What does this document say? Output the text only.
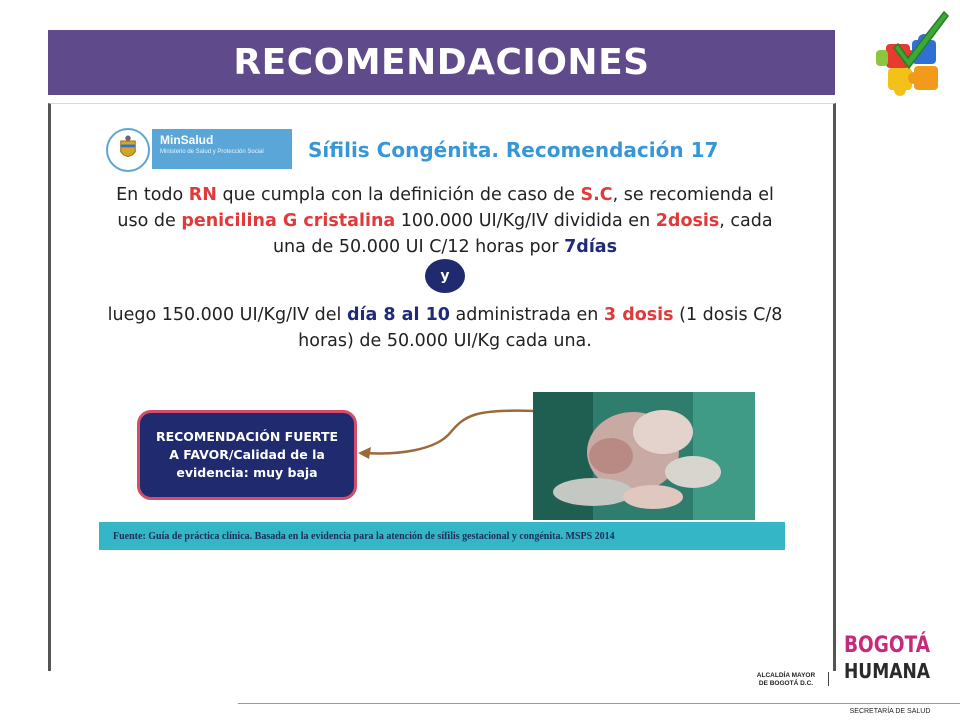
RECOMENDACIONES
MinSalud
Ministerio de Salud y Protección Social	Sífilis Congénita. Recomendación 17
En todo RN que cumpla con la definición de caso de S.C, se recomienda el uso de penicilina G cristalina 100.000 UI/Kg/IV dividida en 2dosis, cada una de 50.000 UI C/12 horas por 7días
y
luego 150.000 UI/Kg/IV del día 8 al 10 administrada en 3 dosis (1 dosis C/8 horas) de 50.000 UI/Kg cada una.
RECOMENDACIÓN FUERTE
A FAVOR/Calidad de la
evidencia: muy baja
Fuente: Guía de práctica clínica. Basada en la evidencia para la atención de sífilis gestacional y congénita. MSPS 2014
ALCALDÍA MAYOR
DE BOGOTÁ D.C.
BOGOTÁ
HUMANA
SECRETARÍA DE SALUD
